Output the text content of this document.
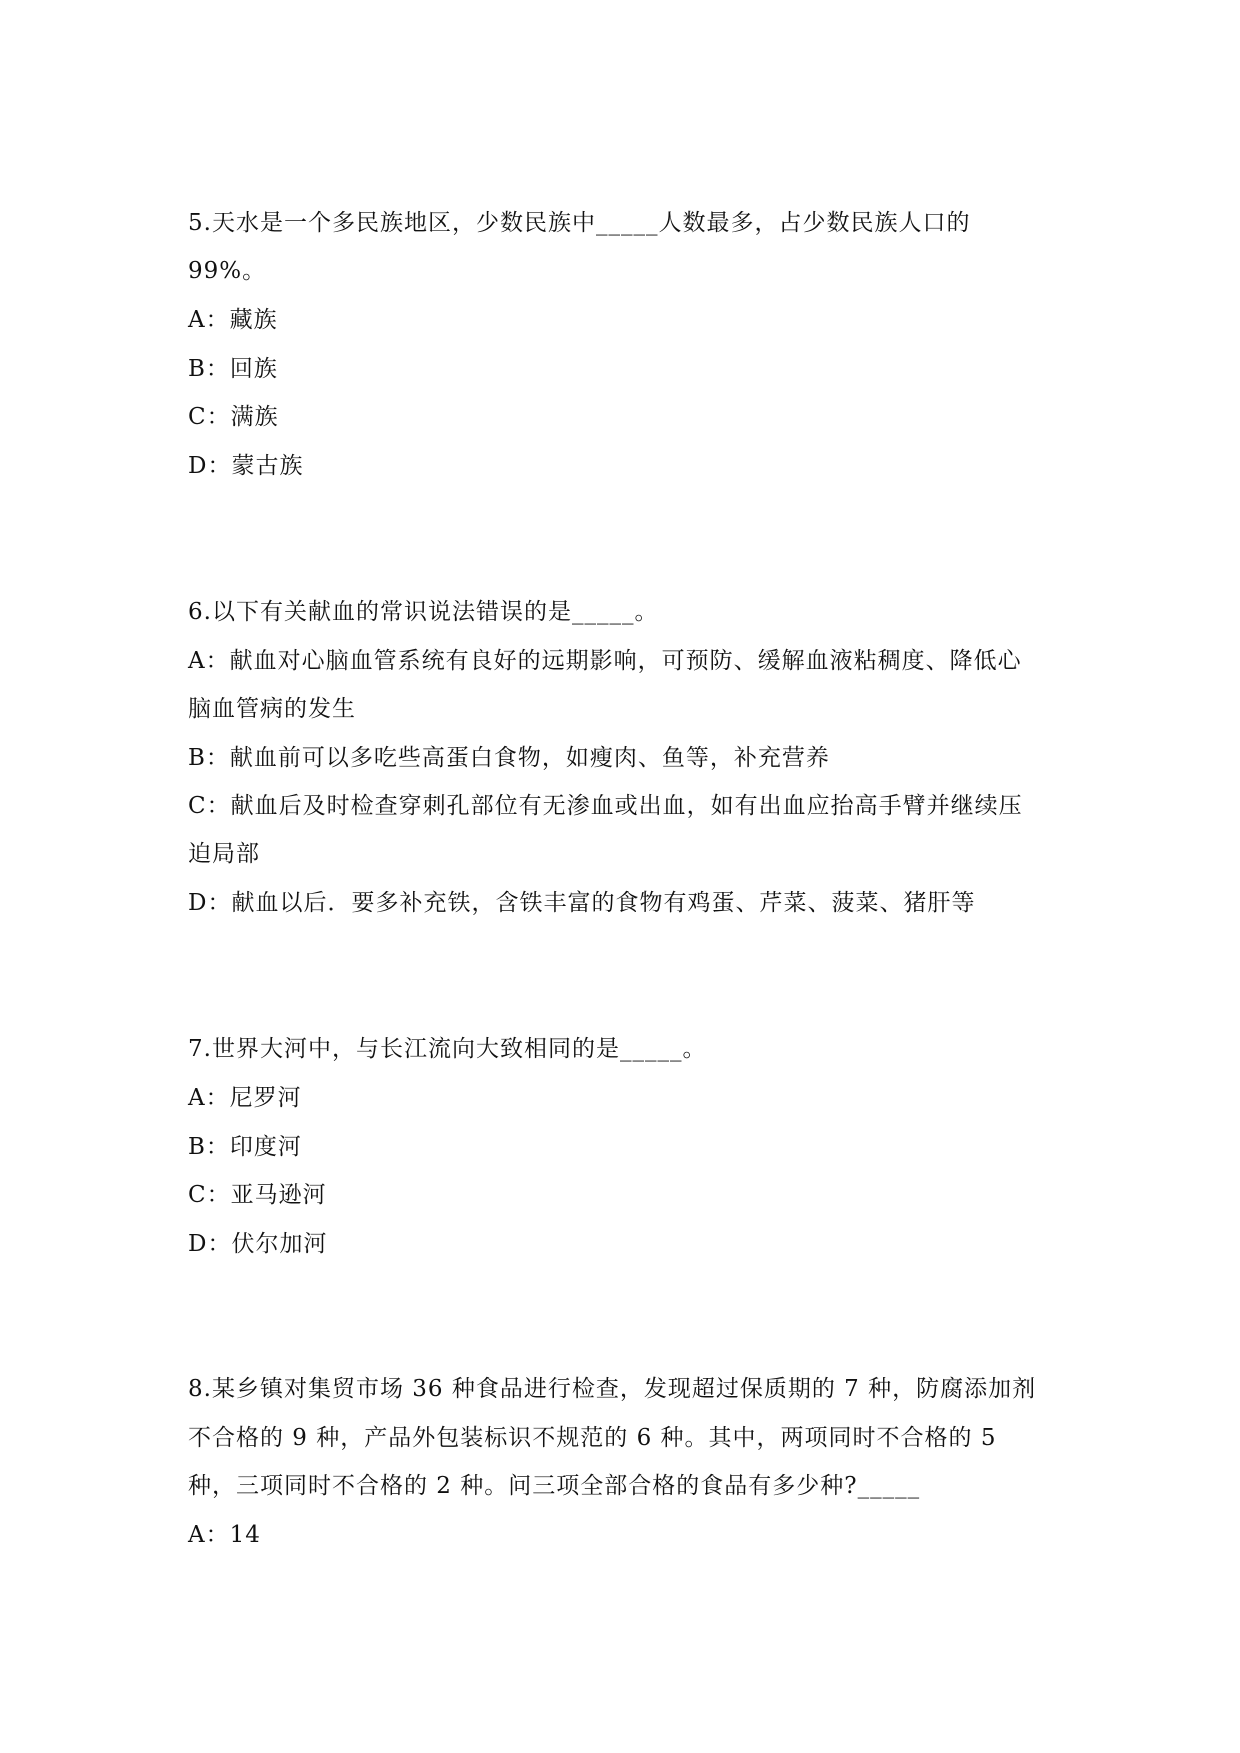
5.天水是一个多民族地区，少数民族中_____人数最多，占少数民族人口的
99%。
A：藏族
B：回族
C：满族
D：蒙古族
6.以下有关献血的常识说法错误的是_____。
A：献血对心脑血管系统有良好的远期影响，可预防、缓解血液粘稠度、降低心
脑血管病的发生
B：献血前可以多吃些高蛋白食物，如瘦肉、鱼等，补充营养
C：献血后及时检查穿刺孔部位有无渗血或出血，如有出血应抬高手臂并继续压
迫局部
D：献血以后．要多补充铁，含铁丰富的食物有鸡蛋、芹菜、菠菜、猪肝等
7.世界大河中，与长江流向大致相同的是_____。
A：尼罗河
B：印度河
C：亚马逊河
D：伏尔加河
8.某乡镇对集贸市场 36 种食品进行检查，发现超过保质期的 7 种，防腐添加剂
不合格的 9 种，产品外包装标识不规范的 6 种。其中，两项同时不合格的 5
种，三项同时不合格的 2 种。问三项全部合格的食品有多少种?_____
A：14
